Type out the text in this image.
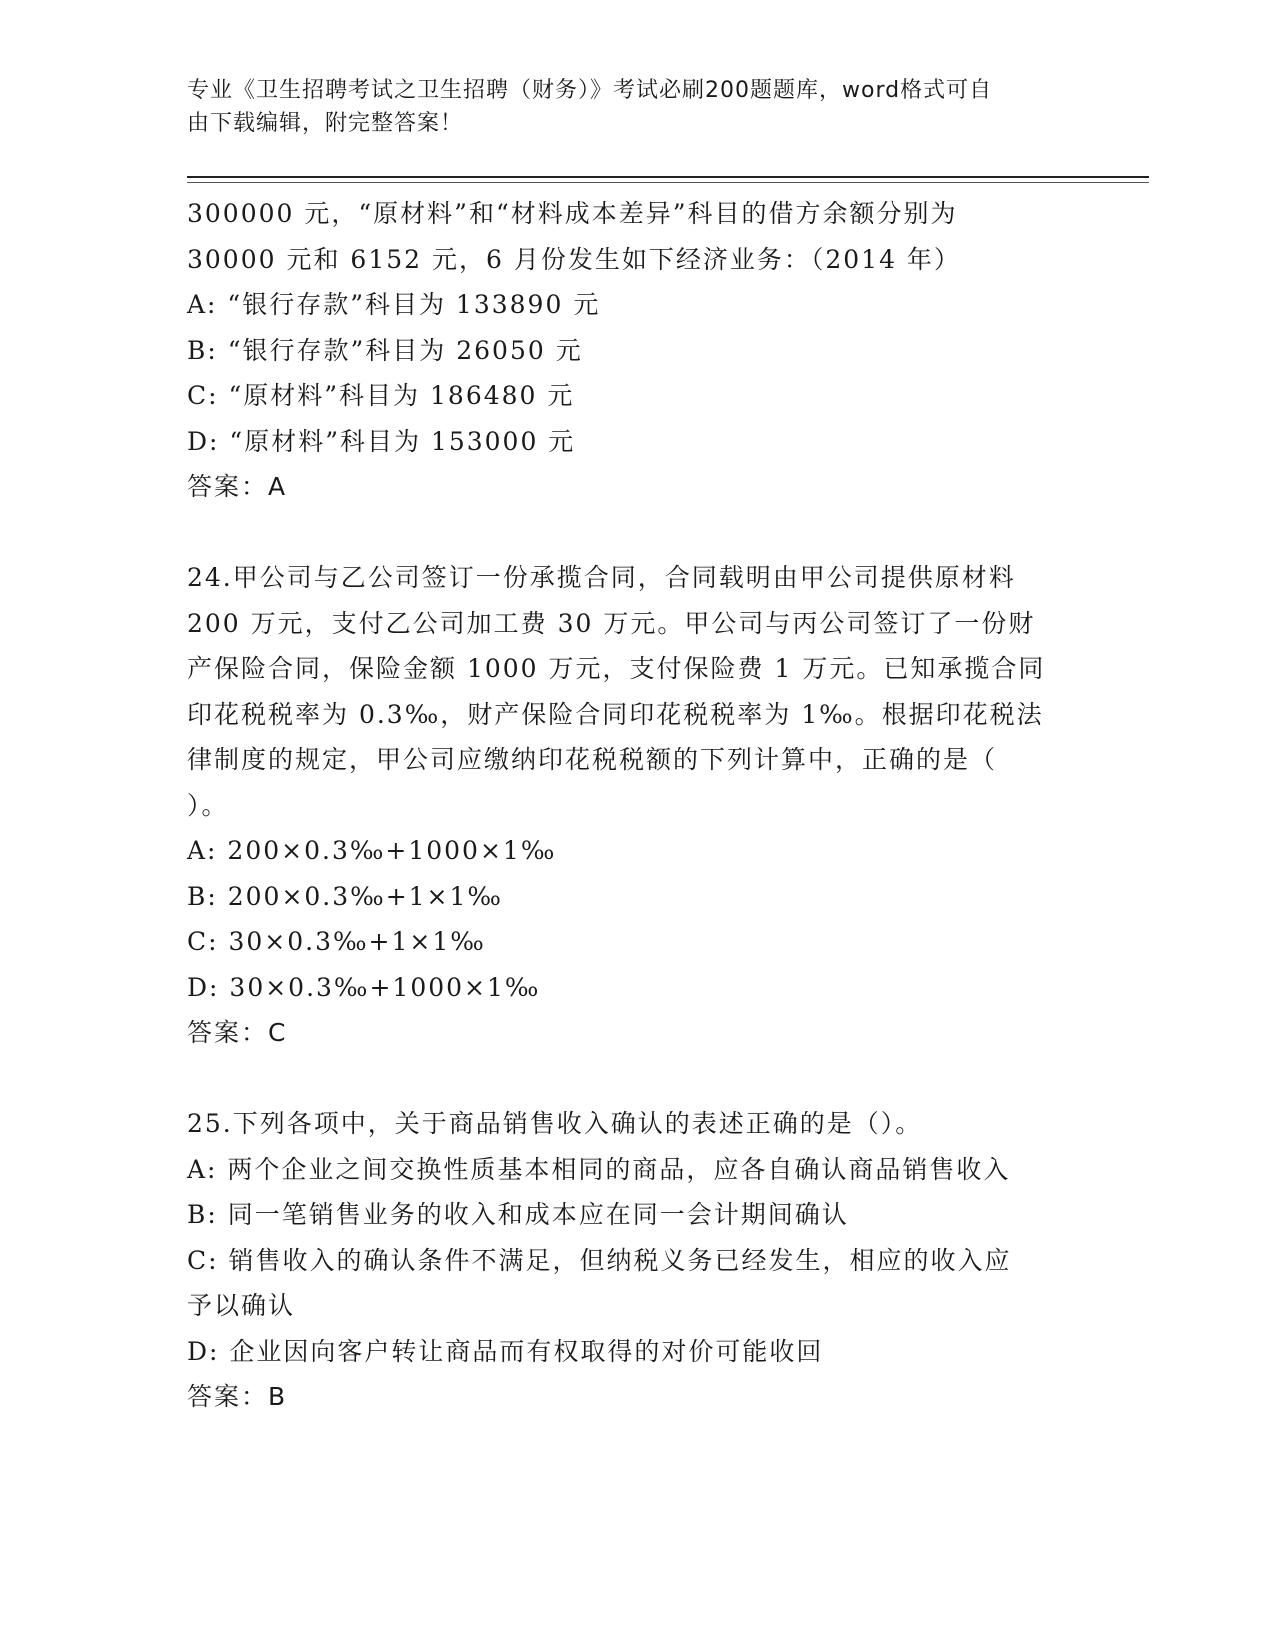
专业《卫生招聘考试之卫生招聘（财务）》考试必刷200题题库，word格式可自
由下载编辑，附完整答案！
300000 元，“原材料”和“材料成本差异”科目的借方余额分别为
30000 元和 6152 元，6 月份发生如下经济业务：（2014 年）
A: “银行存款”科目为 133890 元
B: “银行存款”科目为 26050 元
C: “原材料”科目为 186480 元
D: “原材料”科目为 153000 元
答案：A
24.甲公司与乙公司签订一份承揽合同，合同载明由甲公司提供原材料
200 万元，支付乙公司加工费 30 万元。甲公司与丙公司签订了一份财
产保险合同，保险金额 1000 万元，支付保险费 1 万元。已知承揽合同
印花税税率为 0.3‰，财产保险合同印花税税率为 1‰。根据印花税法
律制度的规定，甲公司应缴纳印花税税额的下列计算中，正确的是（
）。
A: 200×0.3‰+1000×1‰
B: 200×0.3‰+1×1‰
C: 30×0.3‰+1×1‰
D: 30×0.3‰+1000×1‰
答案：C
25.下列各项中，关于商品销售收入确认的表述正确的是（）。
A: 两个企业之间交换性质基本相同的商品，应各自确认商品销售收入
B: 同一笔销售业务的收入和成本应在同一会计期间确认
C: 销售收入的确认条件不满足，但纳税义务已经发生，相应的收入应
予以确认
D: 企业因向客户转让商品而有权取得的对价可能收回
答案：B
